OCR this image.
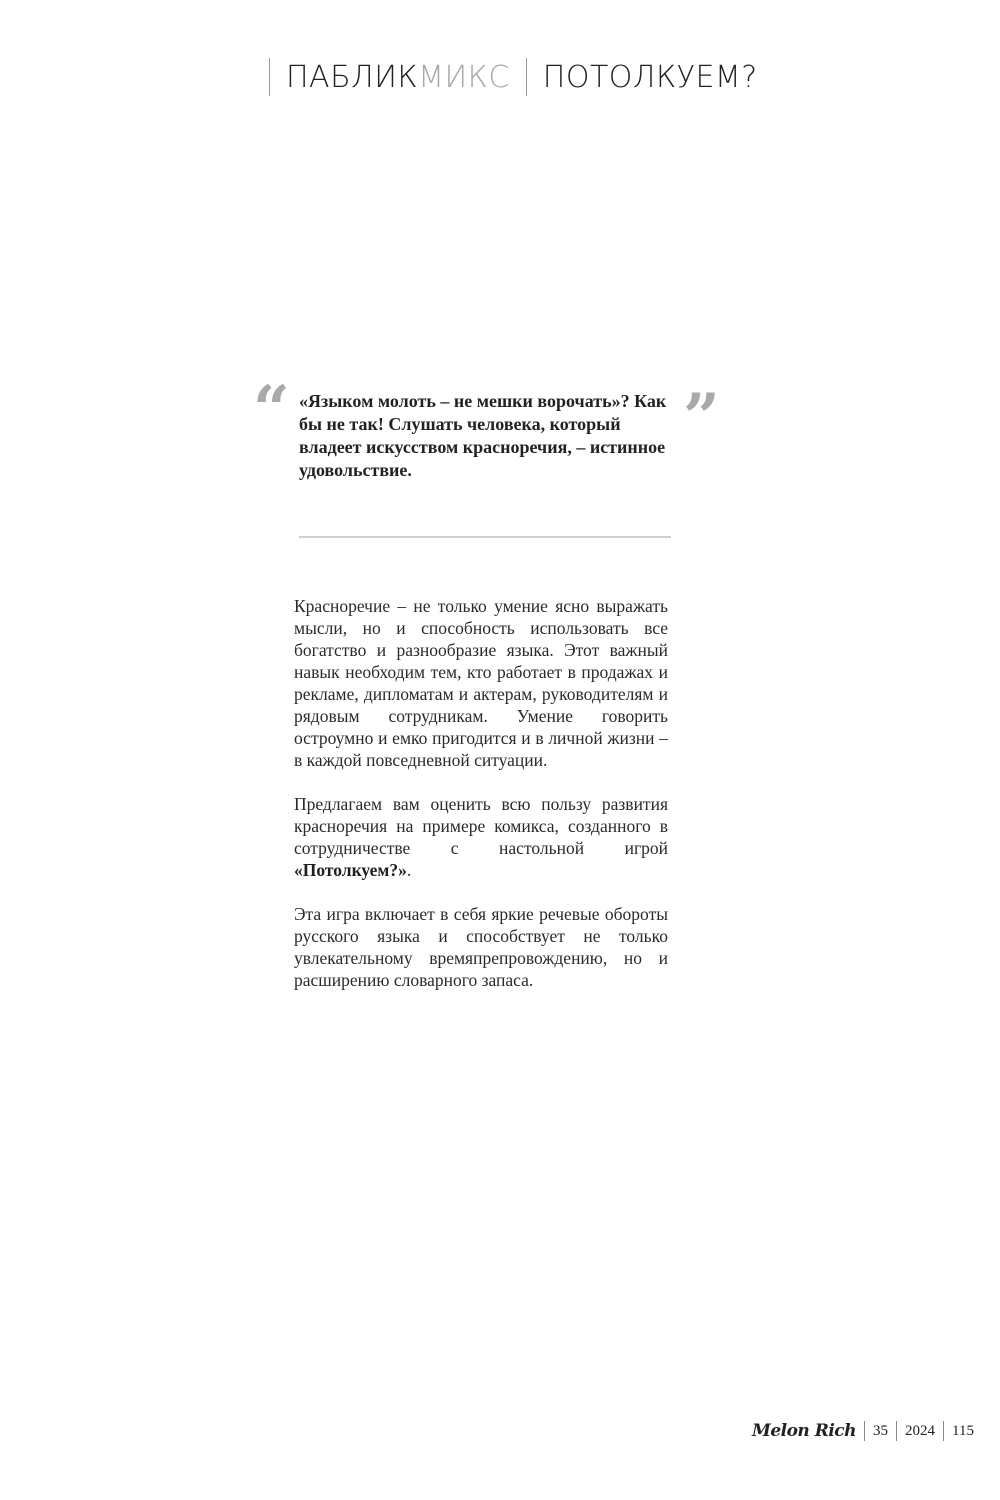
ПАБЛИК МИКС	ПОТОЛКУЕМ?
“ «Языком молоть – не мешки ворочать»? Как бы не так! Слушать человека, который владеет искусством красноречия, – истинное удовольствие.
”

Красноречие – не только умение ясно выражать мысли, но и способность использовать все богатство и разнообразие языка. Этот важный навык необходим тем, кто работает в продажах и рекламе, дипломатам и актерам, руководителям и рядовым сотрудникам. Умение говорить остроумно и емко пригодится и в личной жизни – в каждой повседневной ситуации.

Предлагаем вам оценить всю пользу развития красноречия на примере комикса, созданного в сотрудничестве с настольной игрой «Потолкуем?».

Эта игра включает в себя яркие речевые обороты русского языка и способствует не только увлекательному времяпрепровождению, но и расширению словарного запаса.

Melon Rich	35	2024	115
